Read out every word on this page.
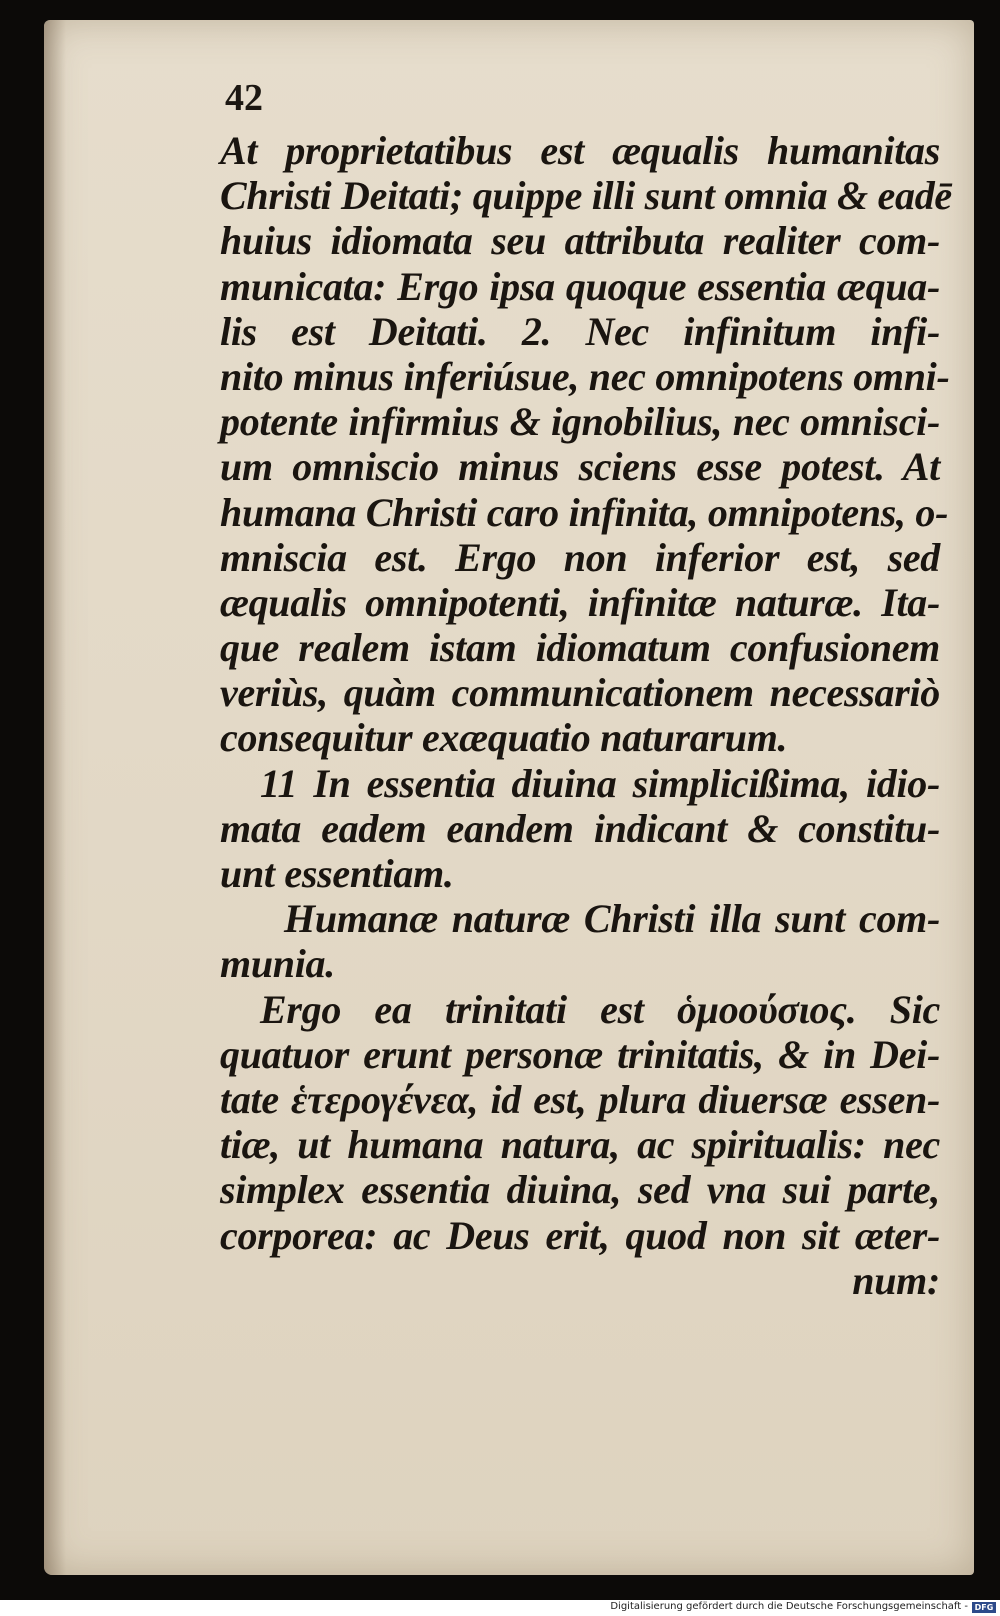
42

At proprietatibus est æqualis humanitas
Christi Deitati; quippe illi sunt omnia & eadē
huius idiomata seu attributa realiter com-
municata: Ergo ipsa quoque essentia æqua-
lis est Deitati. 2. Nec infinitum infi-
nito minus inferiúsue, nec omnipotens omni-
potente infirmius & ignobilius, nec omnisci-
um omniscio minus sciens esse potest. At
humana Christi caro infinita, omnipotens, o-
mniscia est. Ergo non inferior est, sed
æqualis omnipotenti, infinitæ naturæ. Ita-
que realem istam idiomatum confusionem
veriùs, quàm communicationem necessariò
consequitur exæquatio naturarum.
11 In essentia diuina simplicißima, idio-
mata eadem eandem indicant & constitu-
unt essentiam.
Humanæ naturæ Christi illa sunt com-
munia.
Ergo ea trinitati est ὁμοούσιος. Sic
quatuor erunt personæ trinitatis, & in Dei-
tate ἑτερογένεα, id est, plura diuersæ essen-
tiæ, ut humana natura, ac spiritualis: nec
simplex essentia diuina, sed vna sui parte,
corporea: ac Deus erit, quod non sit æter-
num:
Digitalisierung gefördert durch die Deutsche Forschungsgemeinschaft - DFG
